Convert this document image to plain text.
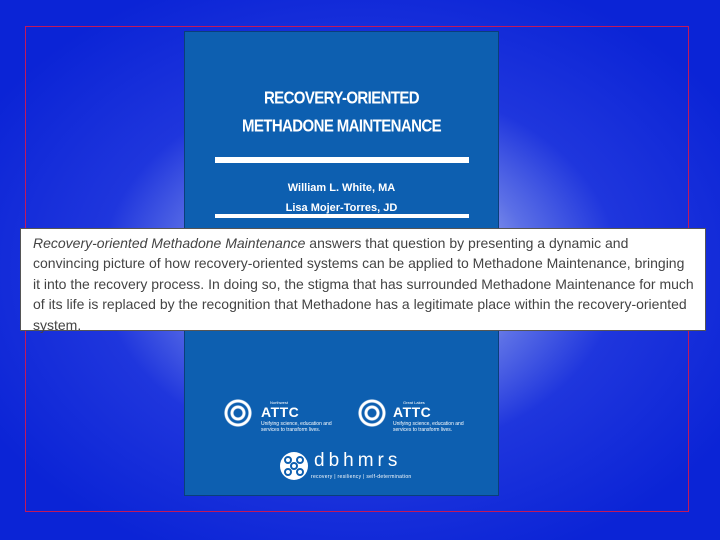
RECOVERY-ORIENTED
METHADONE MAINTENANCE
William L. White, MA
Lisa Mojer-Torres, JD
Northwest
ATTC
Unifying science, education and services to transform lives.
Great Lakes
ATTC
Unifying science, education and services to transform lives.
dbhmrs
recovery | resiliency | self-determination
Recovery-oriented Methadone Maintenance answers that question by presenting a dynamic and convincing picture of how recovery-oriented systems can be applied to Methadone Maintenance, bringing it into the recovery process. In doing so, the stigma that has surrounded Methadone Maintenance for much of its life is replaced by the recognition that Methadone has a legitimate place within the recovery-oriented system.
